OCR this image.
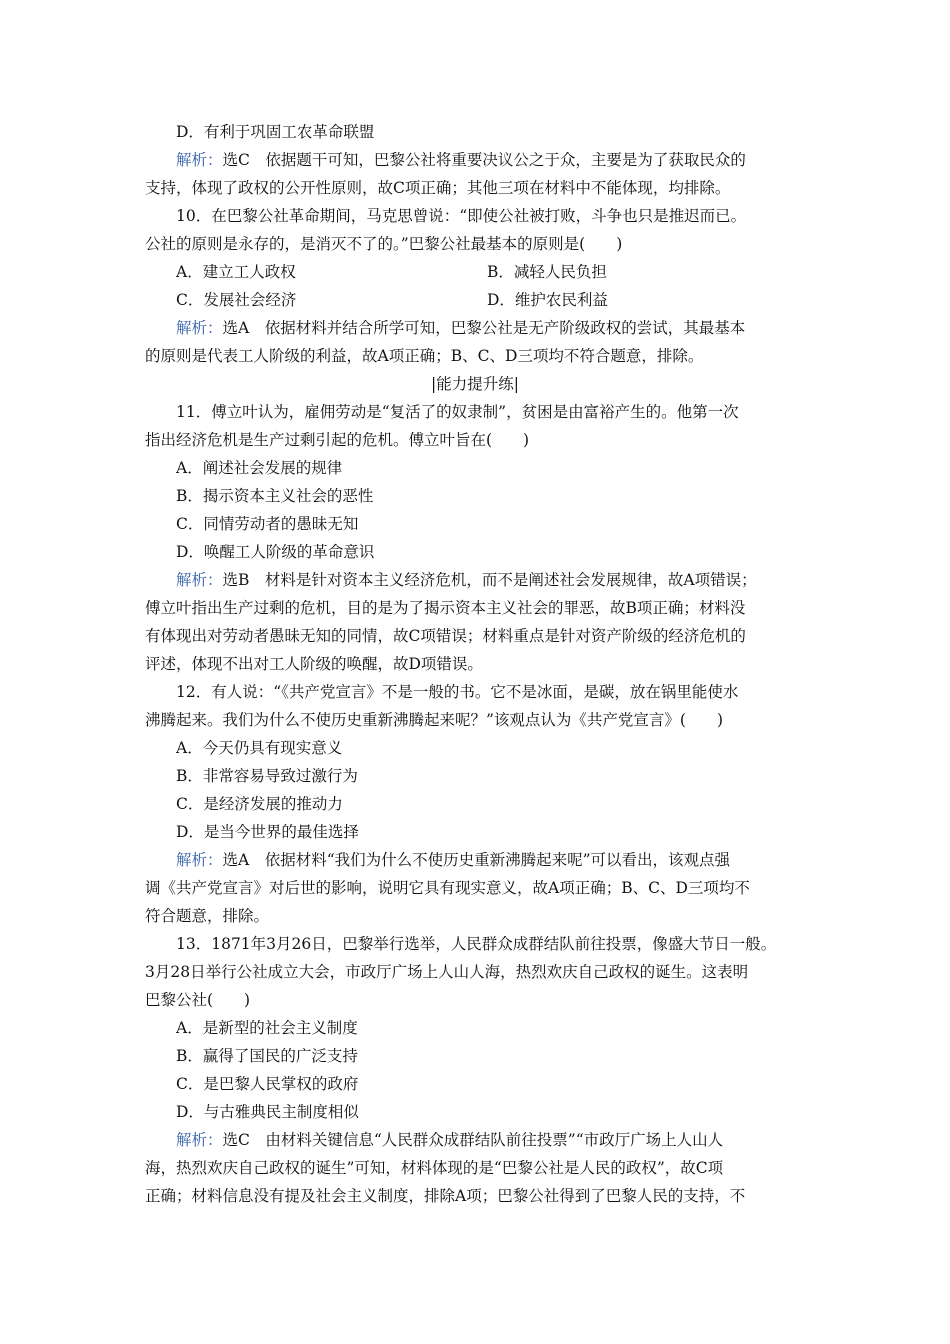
D．有利于巩固工农革命联盟
解析：选C　依据题干可知，巴黎公社将重要决议公之于众，主要是为了获取民众的
支持，体现了政权的公开性原则，故C项正确；其他三项在材料中不能体现，均排除。
10．在巴黎公社革命期间，马克思曾说：“即使公社被打败，斗争也只是推迟而已。
公社的原则是永存的，是消灭不了的。”巴黎公社最基本的原则是(　　)
A．建立工人政权	B．减轻人民负担
C．发展社会经济	D．维护农民利益
解析：选A　依据材料并结合所学可知，巴黎公社是无产阶级政权的尝试，其最基本
的原则是代表工人阶级的利益，故A项正确；B、C、D三项均不符合题意，排除。
|能力提升练|
11．傅立叶认为，雇佣劳动是“复活了的奴隶制”，贫困是由富裕产生的。他第一次
指出经济危机是生产过剩引起的危机。傅立叶旨在(　　)
A．阐述社会发展的规律
B．揭示资本主义社会的恶性
C．同情劳动者的愚昧无知
D．唤醒工人阶级的革命意识
解析：选B　材料是针对资本主义经济危机，而不是阐述社会发展规律，故A项错误；
傅立叶指出生产过剩的危机，目的是为了揭示资本主义社会的罪恶，故B项正确；材料没
有体现出对劳动者愚昧无知的同情，故C项错误；材料重点是针对资产阶级的经济危机的
评述，体现不出对工人阶级的唤醒，故D项错误。
12．有人说：“《共产党宣言》不是一般的书。它不是冰面，是碳，放在锅里能使水
沸腾起来。我们为什么不使历史重新沸腾起来呢？”该观点认为《共产党宣言》(　　)
A．今天仍具有现实意义
B．非常容易导致过激行为
C．是经济发展的推动力
D．是当今世界的最佳选择
解析：选A　依据材料“我们为什么不使历史重新沸腾起来呢”可以看出，该观点强
调《共产党宣言》对后世的影响，说明它具有现实意义，故A项正确；B、C、D三项均不
符合题意，排除。
13．1871年3月26日，巴黎举行选举，人民群众成群结队前往投票，像盛大节日一般。
3月28日举行公社成立大会，市政厅广场上人山人海，热烈欢庆自己政权的诞生。这表明
巴黎公社(　　)
A．是新型的社会主义制度
B．赢得了国民的广泛支持
C．是巴黎人民掌权的政府
D．与古雅典民主制度相似
解析：选C　由材料关键信息“人民群众成群结队前往投票”“市政厅广场上人山人
海，热烈欢庆自己政权的诞生”可知，材料体现的是“巴黎公社是人民的政权”，故C项
正确；材料信息没有提及社会主义制度，排除A项；巴黎公社得到了巴黎人民的支持，不
